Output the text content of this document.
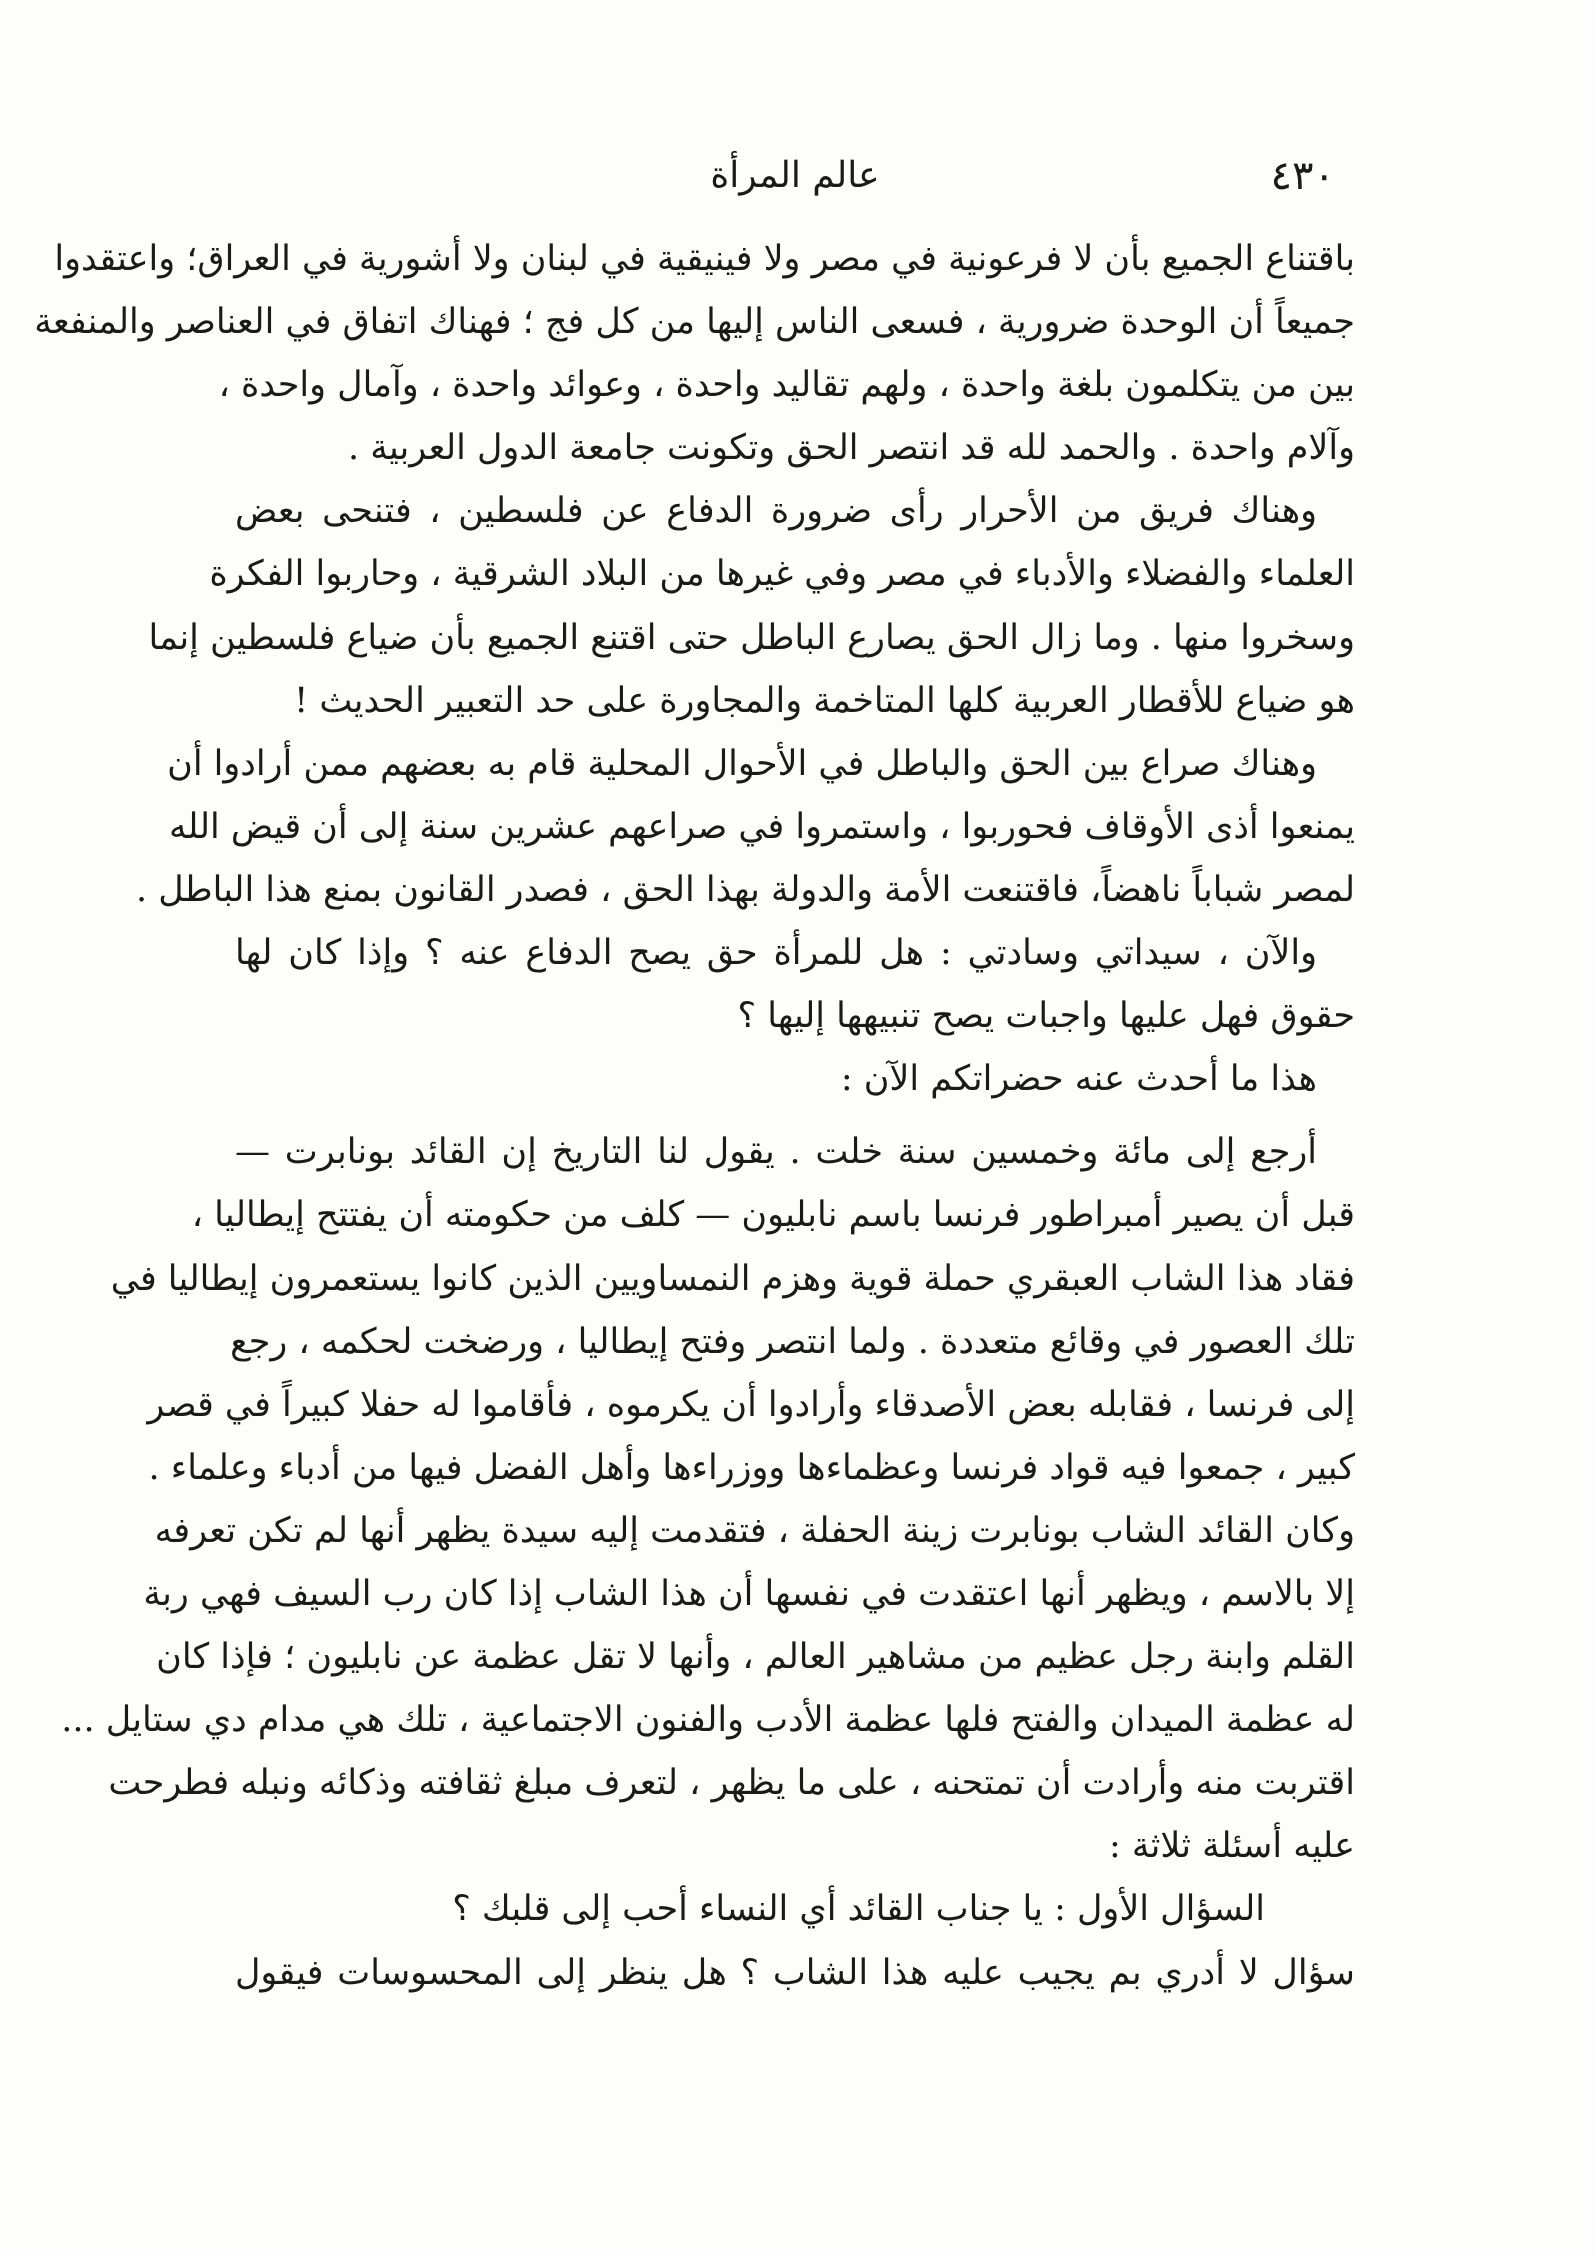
٤٣٠
عالم المرأة
باقتناع الجميع بأن لا فرعونية في مصر ولا فينيقية في لبنان ولا أشورية في العراق؛ واعتقدوا
جميعاً أن الوحدة ضرورية ، فسعى الناس إليها من كل فج ؛ فهناك اتفاق في العناصر والمنفعة
بين من يتكلمون بلغة واحدة ، ولهم تقاليد واحدة ، وعوائد واحدة ، وآمال واحدة ،
وآلام واحدة . والحمد لله قد انتصر الحق وتكونت جامعة الدول العربية .
وهناك فريق من الأحرار رأى ضرورة الدفاع عن فلسطين ، فتنحى بعض
العلماء والفضلاء والأدباء في مصر وفي غيرها من البلاد الشرقية ، وحاربوا الفكرة
وسخروا منها . وما زال الحق يصارع الباطل حتى اقتنع الجميع بأن ضياع فلسطين إنما
هو ضياع للأقطار العربية كلها المتاخمة والمجاورة على حد التعبير الحديث !
وهناك صراع بين الحق والباطل في الأحوال المحلية قام به بعضهم ممن أرادوا أن
يمنعوا أذى الأوقاف فحوربوا ، واستمروا في صراعهم عشرين سنة إلى أن قيض الله
لمصر شباباً ناهضاً، فاقتنعت الأمة والدولة بهذا الحق ، فصدر القانون بمنع هذا الباطل .
والآن ، سيداتي وسادتي : هل للمرأة حق يصح الدفاع عنه ؟ وإذا كان لها
حقوق فهل عليها واجبات يصح تنبيهها إليها ؟
هذا ما أحدث عنه حضراتكم الآن :
أرجع إلى مائة وخمسين سنة خلت . يقول لنا التاريخ إن القائد بونابرت —
قبل أن يصير أمبراطور فرنسا باسم نابليون — كلف من حكومته أن يفتتح إيطاليا ،
فقاد هذا الشاب العبقري حملة قوية وهزم النمساويين الذين كانوا يستعمرون إيطاليا في
تلك العصور في وقائع متعددة . ولما انتصر وفتح إيطاليا ، ورضخت لحكمه ، رجع
إلى فرنسا ، فقابله بعض الأصدقاء وأرادوا أن يكرموه ، فأقاموا له حفلا كبيراً في قصر
كبير ، جمعوا فيه قواد فرنسا وعظماءها ووزراءها وأهل الفضل فيها من أدباء وعلماء .
وكان القائد الشاب بونابرت زينة الحفلة ، فتقدمت إليه سيدة يظهر أنها لم تكن تعرفه
إلا بالاسم ، ويظهر أنها اعتقدت في نفسها أن هذا الشاب إذا كان رب السيف فهي ربة
القلم وابنة رجل عظيم من مشاهير العالم ، وأنها لا تقل عظمة عن نابليون ؛ فإذا كان
له عظمة الميدان والفتح فلها عظمة الأدب والفنون الاجتماعية ، تلك هي مدام دي ستايل ...
اقتربت منه وأرادت أن تمتحنه ، على ما يظهر ، لتعرف مبلغ ثقافته وذكائه ونبله فطرحت
عليه أسئلة ثلاثة :
السؤال الأول : يا جناب القائد أي النساء أحب إلى قلبك ؟
سؤال لا أدري بم يجيب عليه هذا الشاب ؟ هل ينظر إلى المحسوسات فيقول
